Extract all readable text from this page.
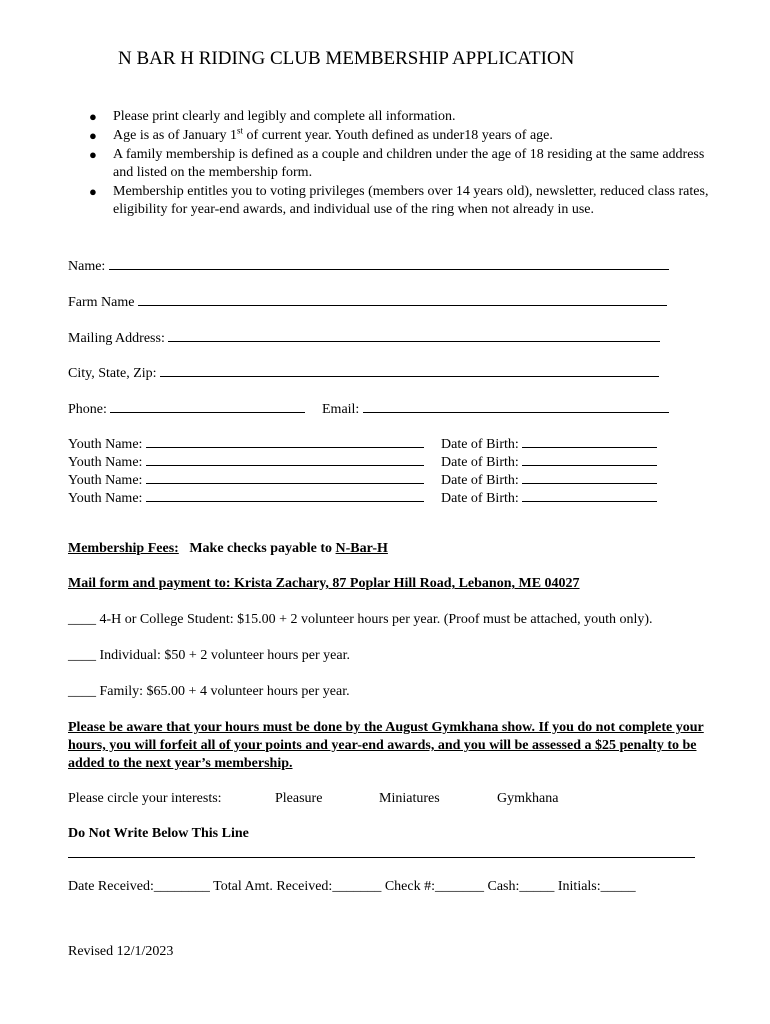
N BAR H RIDING CLUB MEMBERSHIP APPLICATION
● Please print clearly and legibly and complete all information.
● Age is as of January 1st of current year. Youth defined as under18 years of age.
● A family membership is defined as a couple and children under the age of 18 residing at the same address and listed on the membership form.
● Membership entitles you to voting privileges (members over 14 years old), newsletter, reduced class rates, eligibility for year-end awards, and individual use of the ring when not already in use.
Name:
Farm Name
Mailing Address:
City, State, Zip:
Phone:	Email:
Youth Name:	Date of Birth:
Youth Name:	Date of Birth:
Youth Name:	Date of Birth:
Youth Name:	Date of Birth:
Membership Fees: Make checks payable to N-Bar-H
Mail form and payment to: Krista Zachary, 87 Poplar Hill Road, Lebanon, ME 04027
____ 4-H or College Student: $15.00 + 2 volunteer hours per year. (Proof must be attached, youth only).
____ Individual: $50 + 2 volunteer hours per year.
____ Family: $65.00 + 4 volunteer hours per year.
Please be aware that your hours must be done by the August Gymkhana show. If you do not complete your hours, you will forfeit all of your points and year-end awards, and you will be assessed a $25 penalty to be added to the next year’s membership.
Please circle your interests:	Pleasure	Miniatures	Gymkhana
Do Not Write Below This Line
Date Received:________ Total Amt. Received:_______ Check #:_______ Cash:_____ Initials:_____
Revised 12/1/2023
